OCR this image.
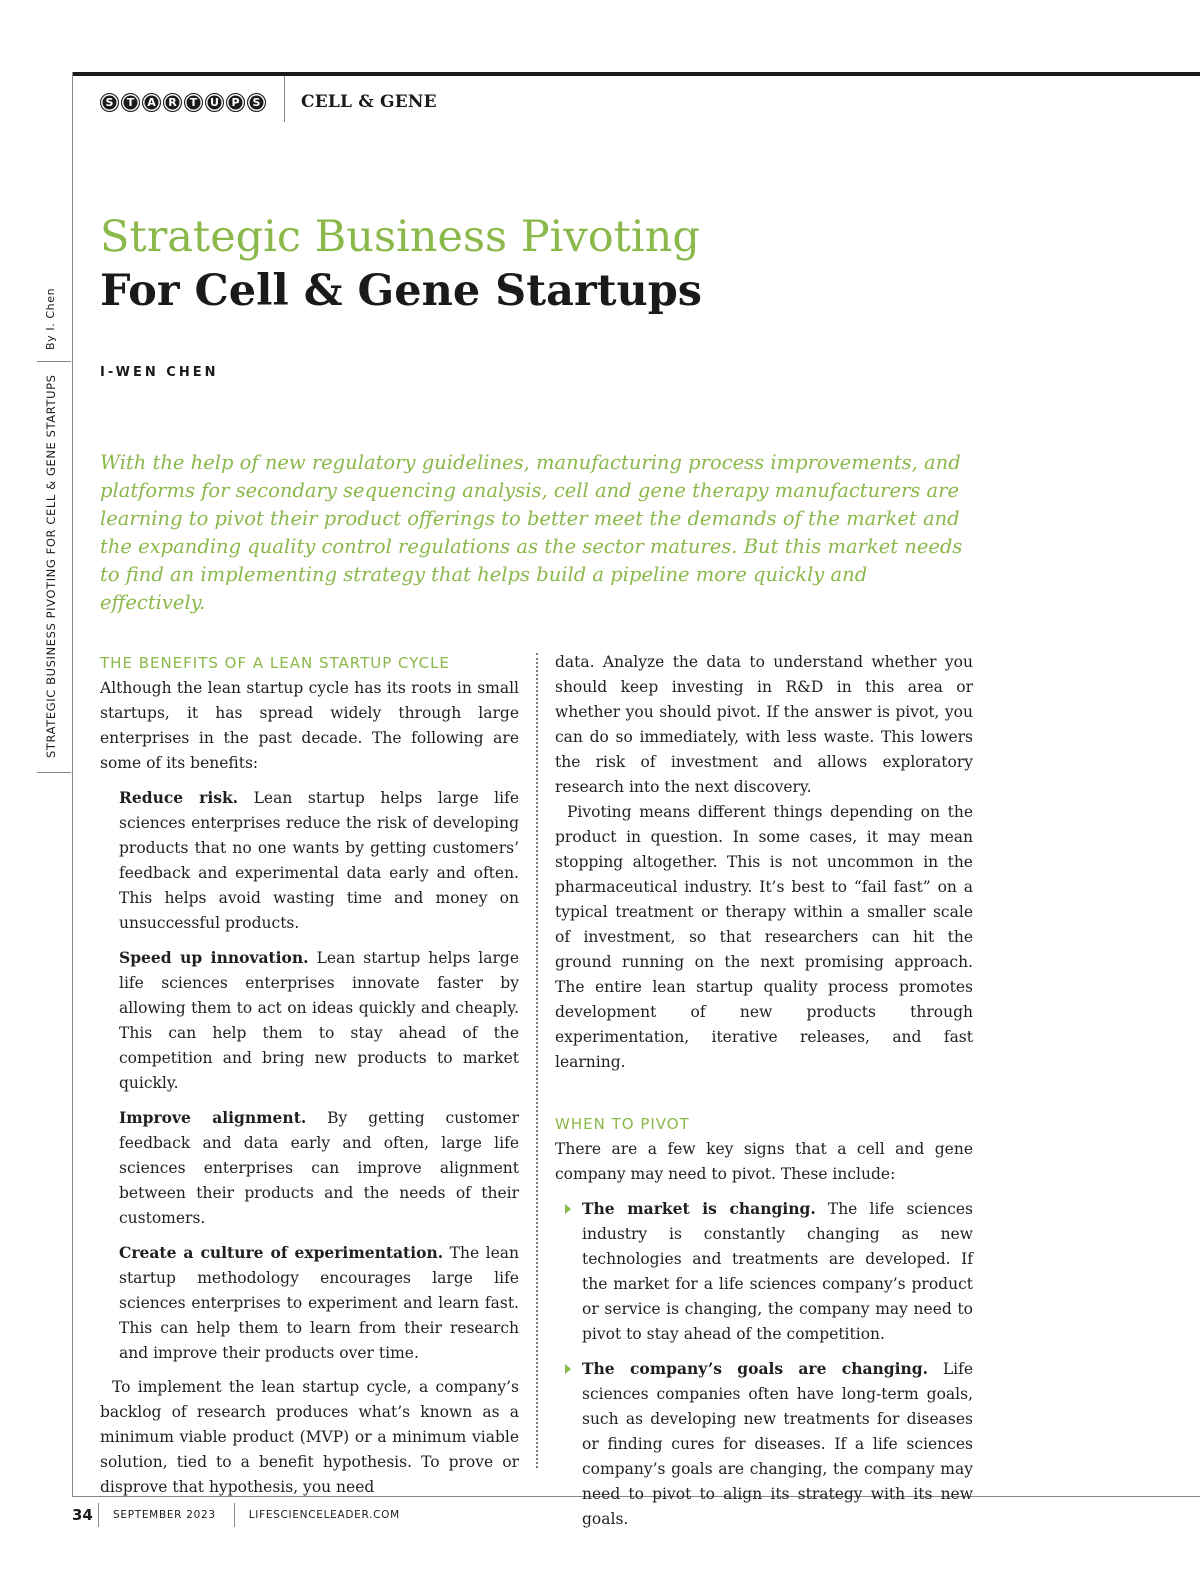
S	T	A	R	T	U	P	S	CELL & GENE
Strategic Business Pivoting
For Cell & Gene Startups
I-WEN CHEN

With the help of new regulatory guidelines, manufacturing process improvements, and platforms for secondary sequencing analysis, cell and gene therapy manufacturers are learning to pivot their product offerings to better meet the demands of the market and the expanding quality control regulations as the sector matures. But this market needs to find an implementing strategy that helps build a pipeline more quickly and effectively.

By I. Chen
STRATEGIC BUSINESS PIVOTING FOR CELL & GENE STARTUPS	THE BENEFITS OF A LEAN STARTUP CYCLE

Although the lean startup cycle has its roots in small startups, it has spread widely through large enterprises in the past decade. The following are some of its benefits:

Reduce risk. Lean startup helps large life sciences enterprises reduce the risk of developing products that no one wants by getting customers’ feedback and experimental data early and often. This helps avoid wasting time and money on unsuccessful products.

Speed up innovation. Lean startup helps large life sciences enterprises innovate faster by allowing them to act on ideas quickly and cheaply. This can help them to stay ahead of the competition and bring new products to market quickly.

Improve alignment. By getting customer feedback and data early and often, large life sciences enterprises can improve alignment between their products and the needs of their customers.

Create a culture of experimentation. The lean startup methodology encourages large life sciences enterprises to experiment and learn fast. This can help them to learn from their research and improve their products over time.

To implement the lean startup cycle, a company’s backlog of research produces what’s known as a minimum viable product (MVP) or a minimum viable solution, tied to a benefit hypothesis. To prove or disprove that hypothesis, you need

data. Analyze the data to understand whether you should keep investing in R&D in this area or whether you should pivot. If the answer is pivot, you can do so immediately, with less waste. This lowers the risk of investment and allows exploratory research into the next discovery.

Pivoting means different things depending on the product in question. In some cases, it may mean stopping altogether. This is not uncommon in the pharmaceutical industry. It’s best to “fail fast” on a typical treatment or therapy within a smaller scale of investment, so that researchers can hit the ground running on the next promising approach. The entire lean startup quality process promotes development of new products through experimentation, iterative releases, and fast learning.

WHEN TO PIVOT

There are a few key signs that a cell and gene company may need to pivot. These include:

The market is changing. The life sciences industry is constantly changing as new technologies and treatments are developed. If the market for a life sciences company’s product or service is changing, the company may need to pivot to stay ahead of the competition.
The company’s goals are changing. Life sciences companies often have long-term goals, such as developing new treatments for diseases or finding cures for diseases. If a life sciences company’s goals are changing, the company may need to pivot to align its strategy with its new goals.
34	SEPTEMBER 2023	LIFESCIENCELEADER.COM
